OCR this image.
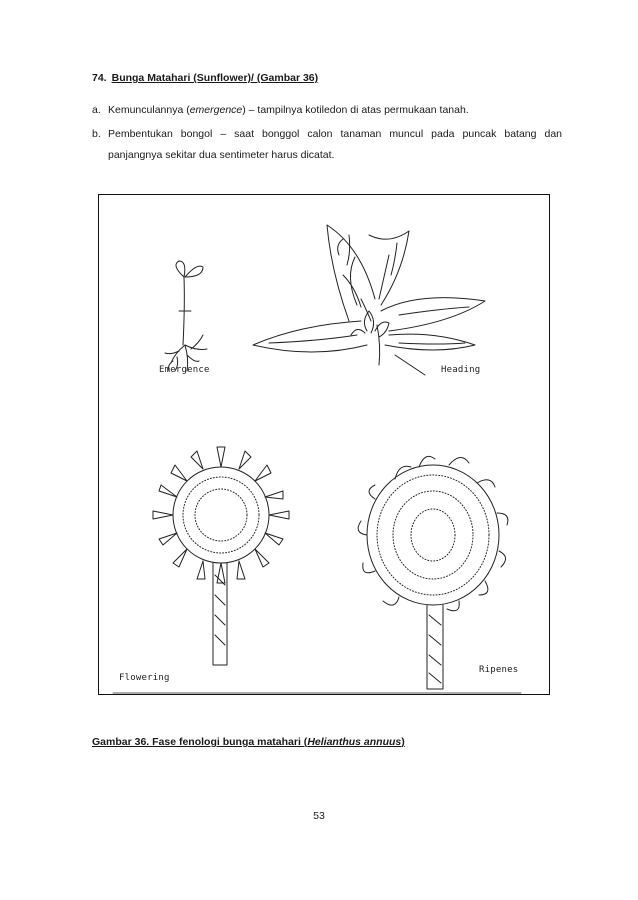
74. Bunga Matahari (Sunflower)/ (Gambar 36)
a. Kemunculannya (emergence) – tampilnya kotiledon di atas permukaan tanah.
b. Pembentukan bongol – saat bonggol calon tanaman muncul pada puncak batang dan panjangnya sekitar dua sentimeter harus dicatat.
Emergence	Heading
Flowering
Ripenes
Gambar 36. Fase fenologi bunga matahari (Helianthus annuus)
53
